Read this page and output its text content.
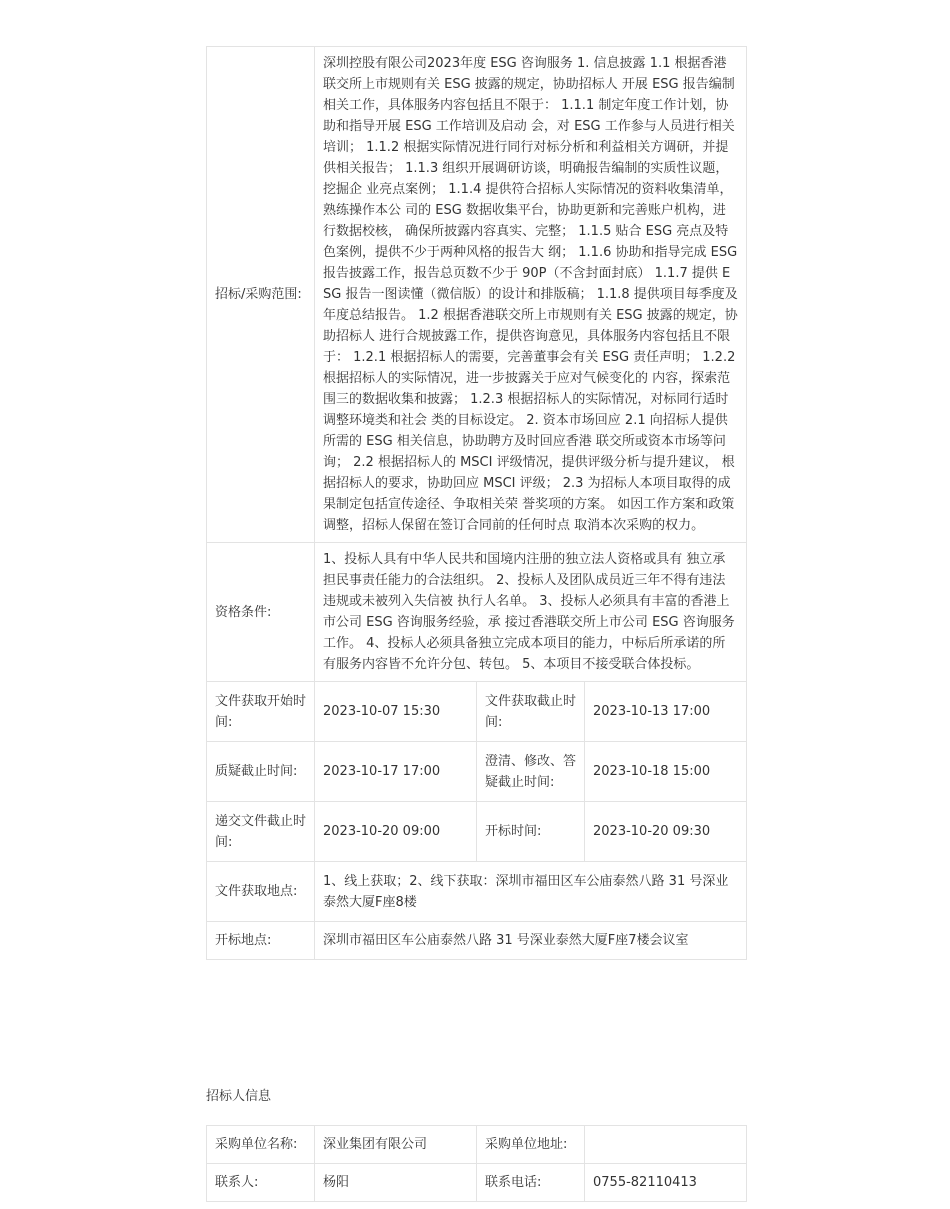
招标/采购范围:	深圳控股有限公司2023年度 ESG 咨询服务 1. 信息披露 1.1 根据香港联交所上市规则有关 ESG 披露的规定，协助招标人 开展 ESG 报告编制相关工作，具体服务内容包括且不限于： 1.1.1 制定年度工作计划，协助和指导开展 ESG 工作培训及启动 会，对 ESG 工作参与人员进行相关培训； 1.1.2 根据实际情况进行同行对标分析和利益相关方调研，并提 供相关报告； 1.1.3 组织开展调研访谈，明确报告编制的实质性议题，挖掘企 业亮点案例； 1.1.4 提供符合招标人实际情况的资料收集清单，熟练操作本公 司的 ESG 数据收集平台，协助更新和完善账户机构，进行数据校核， 确保所披露内容真实、完整； 1.1.5 贴合 ESG 亮点及特色案例，提供不少于两种风格的报告大 纲； 1.1.6 协助和指导完成 ESG 报告披露工作，报告总页数不少于 90P（不含封面封底） 1.1.7 提供 ESG 报告一图读懂（微信版）的设计和排版稿； 1.1.8 提供项目每季度及年度总结报告。 1.2 根据香港联交所上市规则有关 ESG 披露的规定，协助招标人 进行合规披露工作，提供咨询意见，具体服务内容包括且不限于： 1.2.1 根据招标人的需要，完善董事会有关 ESG 责任声明； 1.2.2 根据招标人的实际情况，进一步披露关于应对气候变化的 内容，探索范围三的数据收集和披露； 1.2.3 根据招标人的实际情况，对标同行适时调整环境类和社会 类的目标设定。 2. 资本市场回应 2.1 向招标人提供所需的 ESG 相关信息，协助聘方及时回应香港 联交所或资本市场等问询； 2.2 根据招标人的 MSCI 评级情况，提供评级分析与提升建议， 根据招标人的要求，协助回应 MSCI 评级； 2.3 为招标人本项目取得的成果制定包括宣传途径、争取相关荣 誉奖项的方案。 如因工作方案和政策调整，招标人保留在签订合同前的任何时点 取消本次采购的权力。		
资格条件:	1、投标人具有中华人民共和国境内注册的独立法人资格或具有 独立承担民事责任能力的合法组织。 2、投标人及团队成员近三年不得有违法违规或未被列入失信被 执行人名单。 3、投标人必须具有丰富的香港上市公司 ESG 咨询服务经验，承 接过香港联交所上市公司 ESG 咨询服务工作。 4、投标人必须具备独立完成本项目的能力，中标后所承诺的所 有服务内容皆不允许分包、转包。 5、本项目不接受联合体投标。		
文件获取开始时间:	2023-10-07 15:30	文件获取截止时间:	2023-10-13 17:00
质疑截止时间:	2023-10-17 17:00	澄清、修改、答疑截止时间:	2023-10-18 15:00
递交文件截止时间:	2023-10-20 09:00	开标时间:	2023-10-20 09:30
文件获取地点:	1、线上获取；2、线下获取：深圳市福田区车公庙泰然八路 31 号深业泰然大厦F座8楼		
开标地点:	深圳市福田区车公庙泰然八路 31 号深业泰然大厦F座7楼会议室		
招标人信息
采购单位名称:	深业集团有限公司	采购单位地址:	
联系人:	杨阳	联系电话:	0755-82110413
